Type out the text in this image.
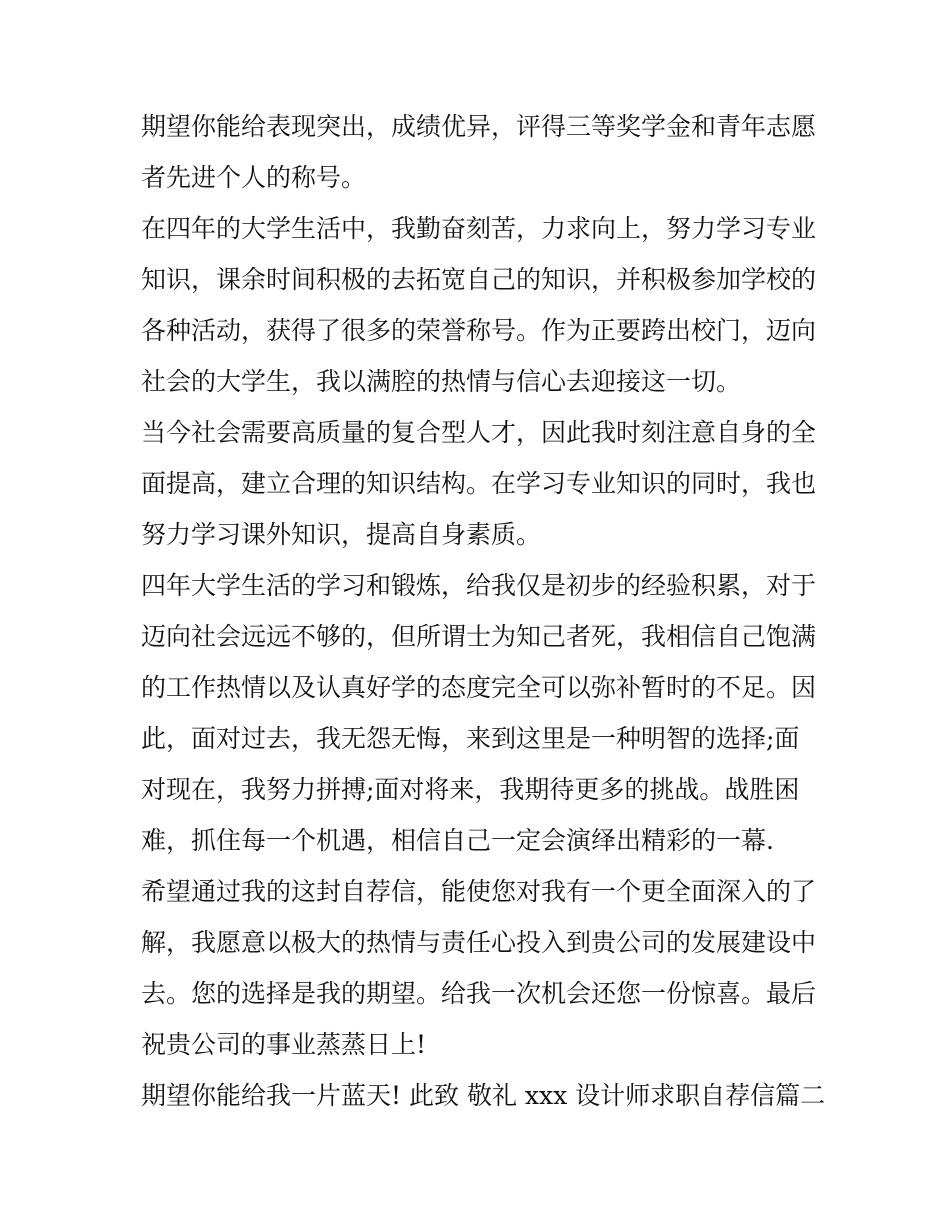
期望你能给表现突出，成绩优异，评得三等奖学金和青年志愿

者先进个人的称号。

在四年的大学生活中，我勤奋刻苦，力求向上，努力学习专业

知识，课余时间积极的去拓宽自己的知识，并积极参加学校的

各种活动，获得了很多的荣誉称号。作为正要跨出校门，迈向

社会的大学生，我以满腔的热情与信心去迎接这一切。

当今社会需要高质量的复合型人才，因此我时刻注意自身的全

面提高，建立合理的知识结构。在学习专业知识的同时，我也

努力学习课外知识，提高自身素质。

四年大学生活的学习和锻炼，给我仅是初步的经验积累，对于

迈向社会远远不够的，但所谓士为知己者死，我相信自己饱满

的工作热情以及认真好学的态度完全可以弥补暂时的不足。因

此，面对过去，我无怨无悔，来到这里是一种明智的选择;面

对现在，我努力拼搏;面对将来，我期待更多的挑战。战胜困

难，抓住每一个机遇，相信自己一定会演绎出精彩的一幕.

希望通过我的这封自荐信，能使您对我有一个更全面深入的了

解，我愿意以极大的热情与责任心投入到贵公司的发展建设中

去。您的选择是我的期望。给我一次机会还您一份惊喜。最后

祝贵公司的事业蒸蒸日上!

期望你能给我一片蓝天! 此致 敬礼 xxx 设计师求职自荐信篇二
